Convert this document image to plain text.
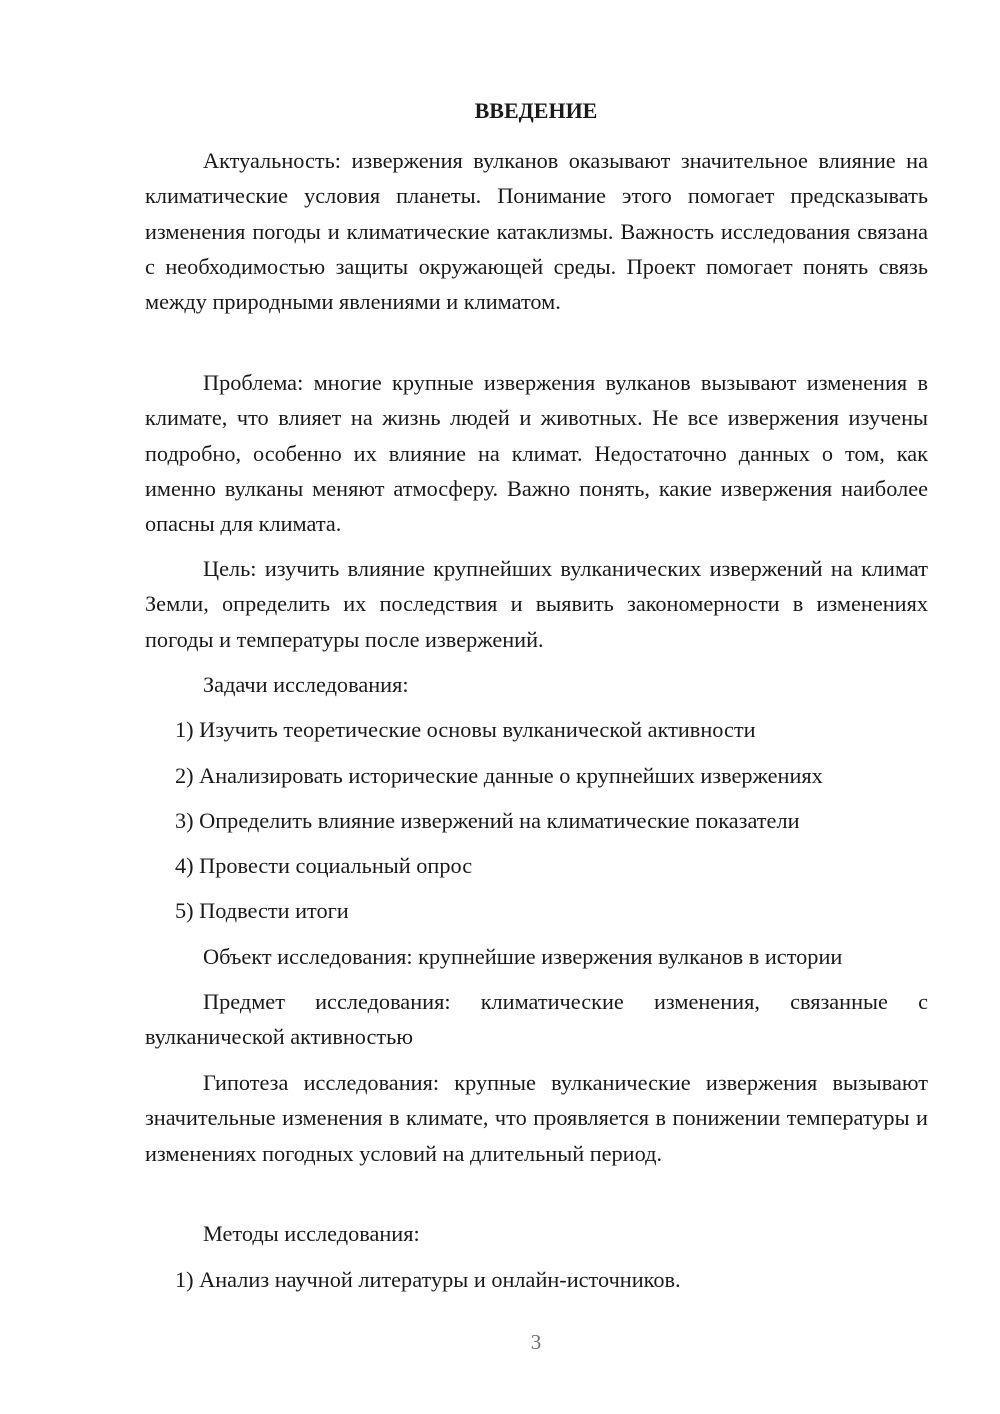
ВВЕДЕНИЕ

Актуальность: извержения вулканов оказывают значительное влияние на климатические условия планеты. Понимание этого помогает предсказывать изменения погоды и климатические катаклизмы. Важность исследования связана с необходимостью защиты окружающей среды. Проект помогает понять связь между природными явлениями и климатом.

Проблема: многие крупные извержения вулканов вызывают изменения в климате, что влияет на жизнь людей и животных. Не все извержения изучены подробно, особенно их влияние на климат. Недостаточно данных о том, как именно вулканы меняют атмосферу. Важно понять, какие извержения наиболее опасны для климата.

Цель: изучить влияние крупнейших вулканических извержений на климат Земли, определить их последствия и выявить закономерности в изменениях погоды и температуры после извержений.

Задачи исследования:

1) Изучить теоретические основы вулканической активности

2) Анализировать исторические данные о крупнейших извержениях

3) Определить влияние извержений на климатические показатели

4) Провести социальный опрос

5) Подвести итоги

Объект исследования: крупнейшие извержения вулканов в истории

Предмет исследования: климатические изменения, связанные с вулканической активностью

Гипотеза исследования: крупные вулканические извержения вызывают значительные изменения в климате, что проявляется в понижении температуры и изменениях погодных условий на длительный период.

Методы исследования:

1) Анализ научной литературы и онлайн-источников.

3
